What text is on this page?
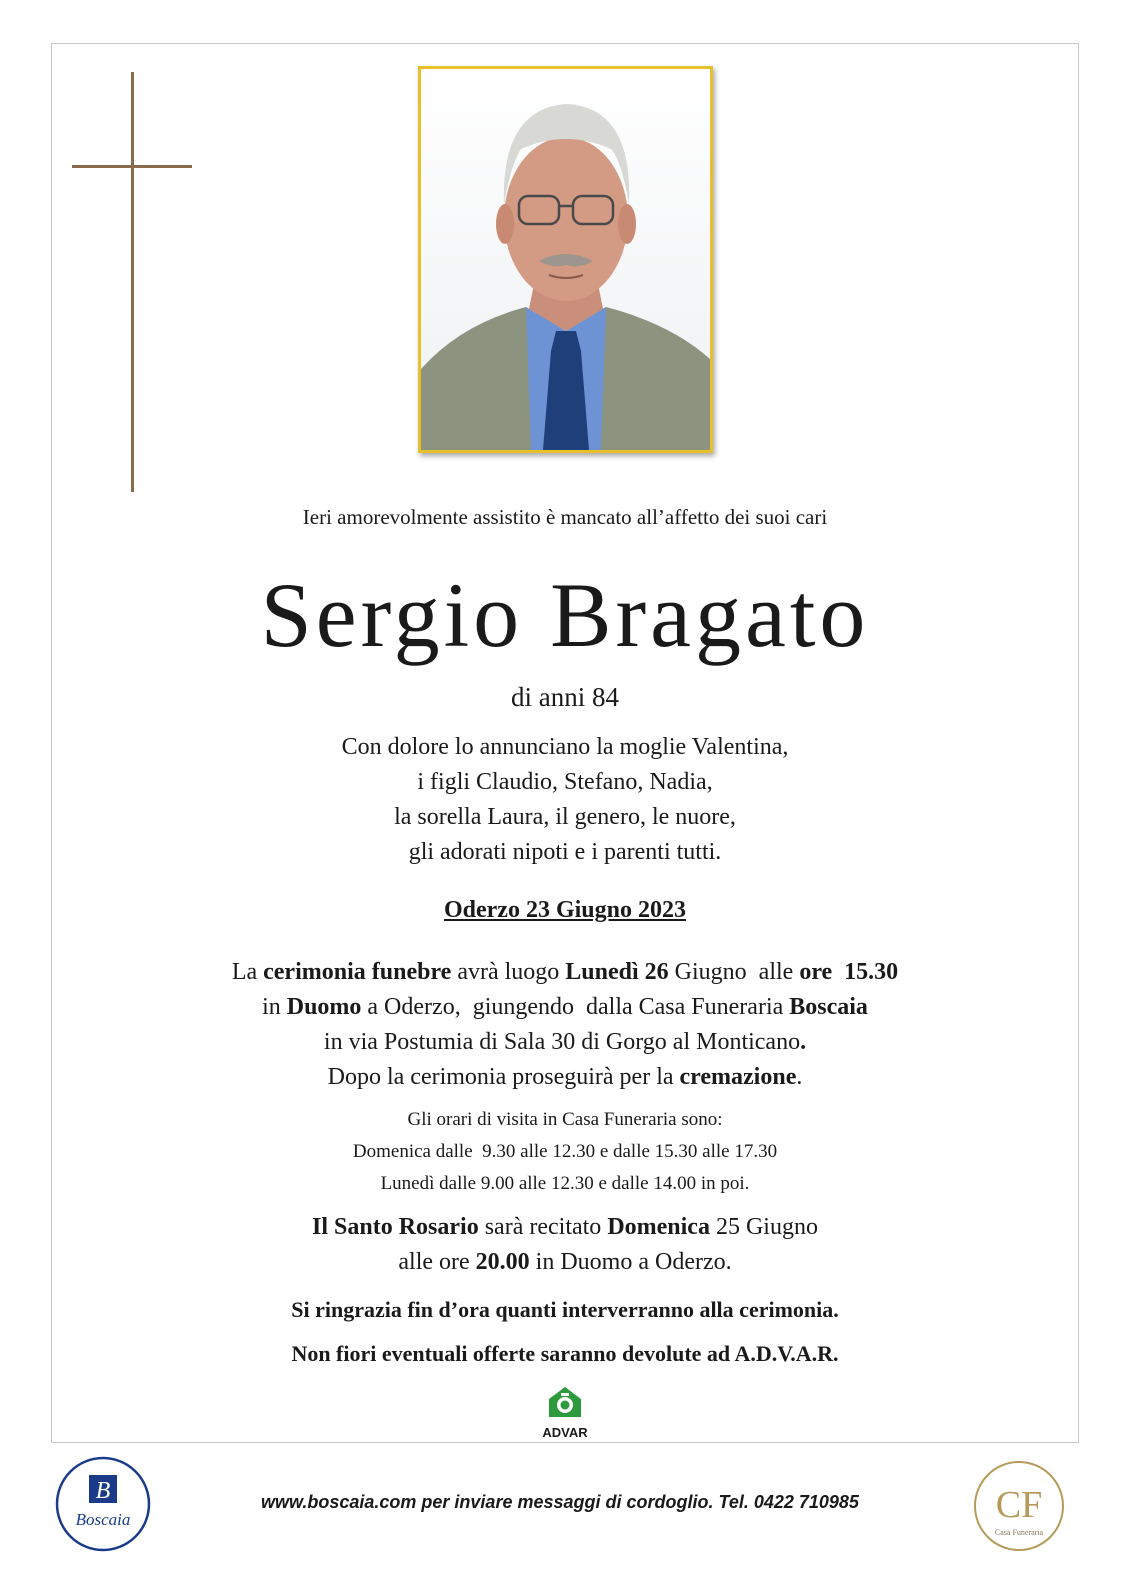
Ieri amorevolmente assistito è mancato all’affetto dei suoi cari
Sergio Bragato
di anni 84
Con dolore lo annunciano la moglie Valentina,
i figli Claudio, Stefano, Nadia,
la sorella Laura, il genero, le nuore,
gli adorati nipoti e i parenti tutti.
Oderzo 23 Giugno 2023
La cerimonia funebre avrà luogo Lunedì 26 Giugno  alle ore  15.30
in Duomo a Oderzo,  giungendo  dalla Casa Funeraria Boscaia
in via Postumia di Sala 30 di Gorgo al Monticano.
Dopo la cerimonia proseguirà per la cremazione.
Gli orari di visita in Casa Funeraria sono:
Domenica dalle  9.30 alle 12.30 e dalle 15.30 alle 17.30
Lunedì dalle 9.00 alle 12.30 e dalle 14.00 in poi.
Il Santo Rosario sarà recitato Domenica 25 Giugno
alle ore 20.00 in Duomo a Oderzo.
Si ringrazia fin d’ora quanti interverranno alla cerimonia.
Non fiori eventuali offerte saranno devolute ad A.D.V.A.R.
ADVAR
B
Boscaia	CF
Casa Funeraria
www.boscaia.com per inviare messaggi di cordoglio. Tel. 0422 710985
